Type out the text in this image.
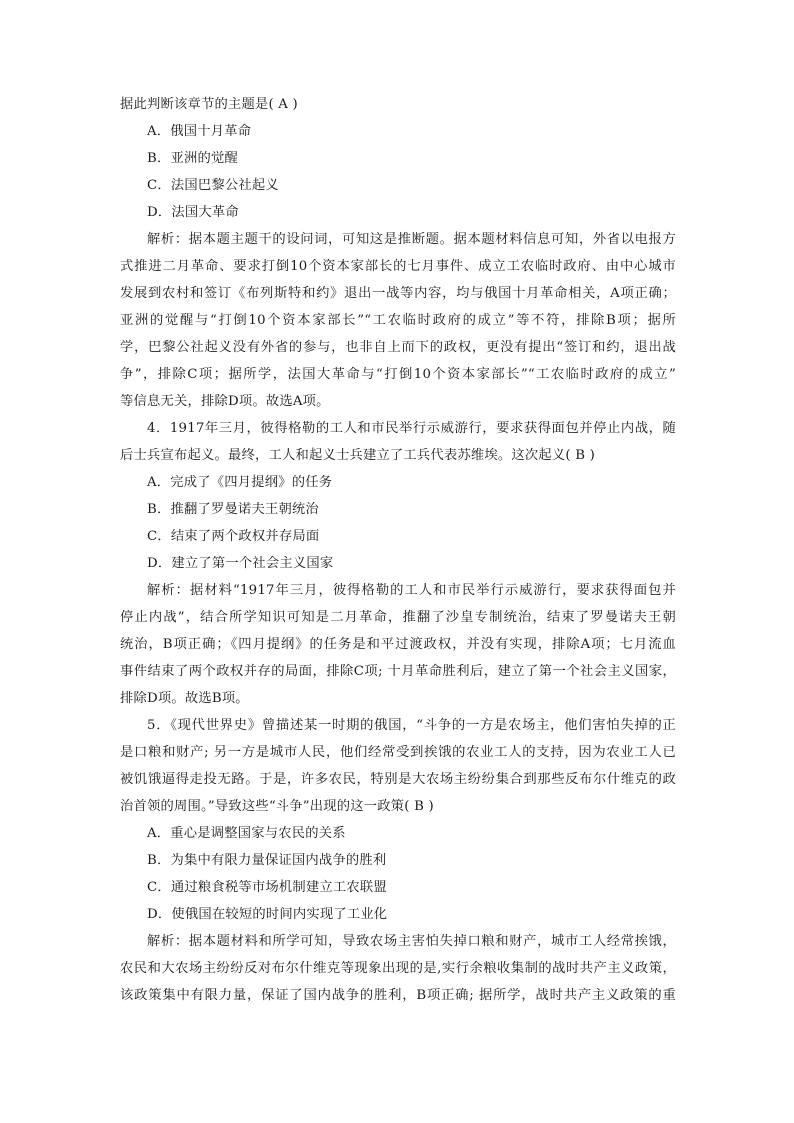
据此判断该章节的主题是( A )
A．俄国十月革命
B．亚洲的觉醒
C．法国巴黎公社起义
D．法国大革命
解析：据本题主题干的设问词，可知这是推断题。据本题材料信息可知，外省以电报方
式推进二月革命、要求打倒10个资本家部长的七月事件、成立工农临时政府、由中心城市
发展到农村和签订《布列斯特和约》退出一战等内容，均与俄国十月革命相关，A项正确；
亚洲的觉醒与“打倒10个资本家部长”“工农临时政府的成立”等不符，排除B项；据所
学，巴黎公社起义没有外省的参与，也非自上而下的政权，更没有提出“签订和约，退出战
争”，排除C项；据所学，法国大革命与“打倒10个资本家部长”“工农临时政府的成立”
等信息无关，排除D项。故选A项。
4．1917年三月，彼得格勒的工人和市民举行示威游行，要求获得面包并停止内战，随
后士兵宣布起义。最终，工人和起义士兵建立了工兵代表苏维埃。这次起义( B )
A．完成了《四月提纲》的任务
B．推翻了罗曼诺夫王朝统治
C．结束了两个政权并存局面
D．建立了第一个社会主义国家
解析：据材料“1917年三月，彼得格勒的工人和市民举行示威游行，要求获得面包并
停止内战”，结合所学知识可知是二月革命，推翻了沙皇专制统治，结束了罗曼诺夫王朝
统治，B项正确；《四月提纲》的任务是和平过渡政权，并没有实现，排除A项；七月流血
事件结束了两个政权并存的局面，排除C项; 十月革命胜利后，建立了第一个社会主义国家，
排除D项。故选B项。
5．《现代世界史》曾描述某一时期的俄国，“斗争的一方是农场主，他们害怕失掉的正
是口粮和财产; 另一方是城市人民，他们经常受到挨饿的农业工人的支持，因为农业工人已
被饥饿逼得走投无路。于是，许多农民，特别是大农场主纷纷集合到那些反布尔什维克的政
治首领的周围。”导致这些“斗争”出现的这一政策( B )
A．重心是调整国家与农民的关系
B．为集中有限力量保证国内战争的胜利
C．通过粮食税等市场机制建立工农联盟
D．使俄国在较短的时间内实现了工业化
解析：据本题材料和所学可知，导致农场主害怕失掉口粮和财产，城市工人经常挨饿，
农民和大农场主纷纷反对布尔什维克等现象出现的是,实行余粮收集制的战时共产主义政策，
该政策集中有限力量，保证了国内战争的胜利，B项正确; 据所学，战时共产主义政策的重
